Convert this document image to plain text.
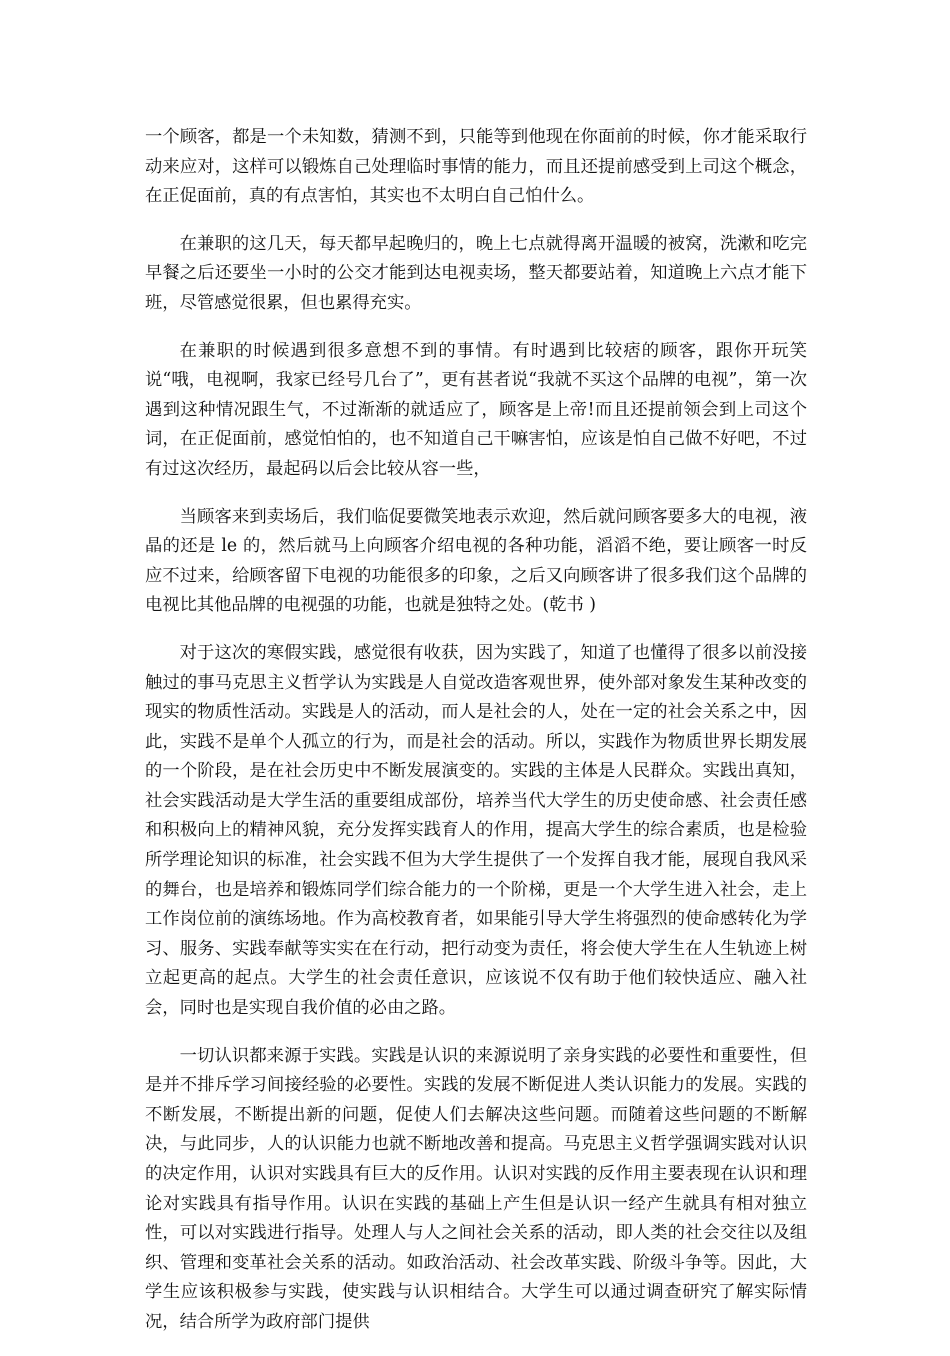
一个顾客，都是一个未知数，猜测不到，只能等到他现在你面前的时候，你才能采取行动来应对，这样可以锻炼自己处理临时事情的能力，而且还提前感受到上司这个概念，在正促面前，真的有点害怕，其实也不太明白自己怕什么。

在兼职的这几天，每天都早起晚归的，晚上七点就得离开温暖的被窝，洗漱和吃完早餐之后还要坐一小时的公交才能到达电视卖场，整天都要站着，知道晚上六点才能下班，尽管感觉很累，但也累得充实。

在兼职的时候遇到很多意想不到的事情。有时遇到比较痞的顾客，跟你开玩笑说“哦，电视啊，我家已经号几台了”，更有甚者说“我就不买这个品牌的电视”，第一次遇到这种情况跟生气，不过渐渐的就适应了，顾客是上帝!而且还提前领会到上司这个词，在正促面前，感觉怕怕的，也不知道自己干嘛害怕，应该是怕自己做不好吧，不过有过这次经历，最起码以后会比较从容一些，

当顾客来到卖场后，我们临促要微笑地表示欢迎，然后就问顾客要多大的电视，液晶的还是 le 的，然后就马上向顾客介绍电视的各种功能，滔滔不绝，要让顾客一时反应不过来，给顾客留下电视的功能很多的印象，之后又向顾客讲了很多我们这个品牌的电视比其他品牌的电视强的功能，也就是独特之处。(乾书 )

对于这次的寒假实践，感觉很有收获，因为实践了，知道了也懂得了很多以前没接触过的事马克思主义哲学认为实践是人自觉改造客观世界，使外部对象发生某种改变的现实的物质性活动。实践是人的活动，而人是社会的人，处在一定的社会关系之中，因此，实践不是单个人孤立的行为，而是社会的活动。所以，实践作为物质世界长期发展的一个阶段，是在社会历史中不断发展演变的。实践的主体是人民群众。实践出真知，社会实践活动是大学生活的重要组成部份，培养当代大学生的历史使命感、社会责任感和积极向上的精神风貌，充分发挥实践育人的作用，提高大学生的综合素质，也是检验所学理论知识的标准，社会实践不但为大学生提供了一个发挥自我才能，展现自我风采的舞台，也是培养和锻炼同学们综合能力的一个阶梯，更是一个大学生进入社会，走上工作岗位前的演练场地。作为高校教育者，如果能引导大学生将强烈的使命感转化为学习、服务、实践奉献等实实在在行动，把行动变为责任，将会使大学生在人生轨迹上树立起更高的起点。大学生的社会责任意识，应该说不仅有助于他们较快适应、融入社会，同时也是实现自我价值的必由之路。

一切认识都来源于实践。实践是认识的来源说明了亲身实践的必要性和重要性，但是并不排斥学习间接经验的必要性。实践的发展不断促进人类认识能力的发展。实践的不断发展，不断提出新的问题，促使人们去解决这些问题。而随着这些问题的不断解决，与此同步，人的认识能力也就不断地改善和提高。马克思主义哲学强调实践对认识的决定作用，认识对实践具有巨大的反作用。认识对实践的反作用主要表现在认识和理论对实践具有指导作用。认识在实践的基础上产生但是认识一经产生就具有相对独立性，可以对实践进行指导。处理人与人之间社会关系的活动，即人类的社会交往以及组织、管理和变革社会关系的活动。如政治活动、社会改革实践、阶级斗争等。因此，大学生应该积极参与实践，使实践与认识相结合。大学生可以通过调查研究了解实际情况，结合所学为政府部门提供
